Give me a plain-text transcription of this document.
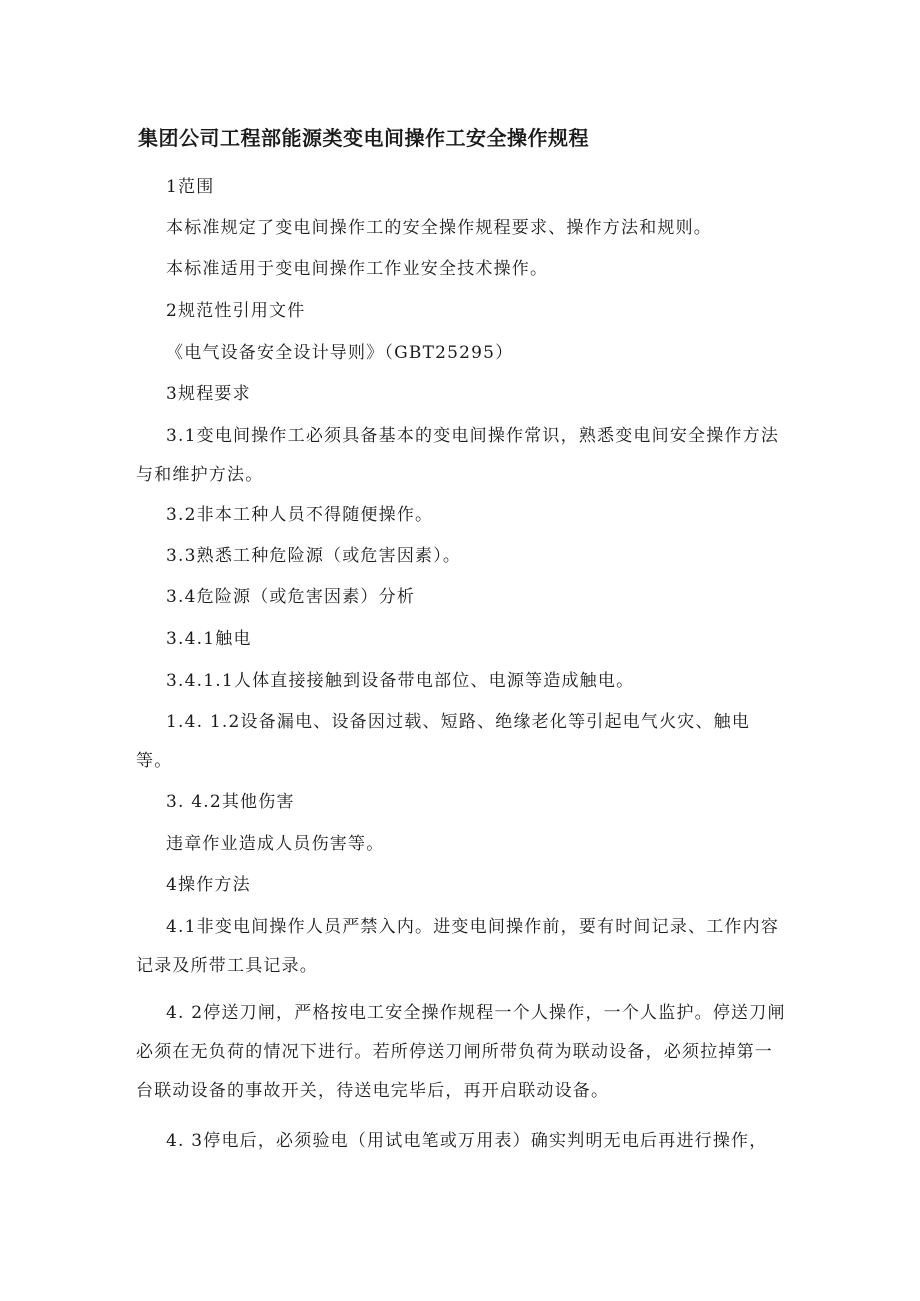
集团公司工程部能源类变电间操作工安全操作规程

1范围

本标准规定了变电间操作工的安全操作规程要求、操作方法和规则。

本标准适用于变电间操作工作业安全技术操作。

2规范性引用文件

《电气设备安全设计导则》（GBT25295）

3规程要求

3.1变电间操作工必须具备基本的变电间操作常识，熟悉变电间安全操作方法与和维护方法。

3.2非本工种人员不得随便操作。

3.3熟悉工种危险源（或危害因素）。

3.4危险源（或危害因素）分析

3.4.1触电

3.4.1.1人体直接接触到设备带电部位、电源等造成触电。

1.4. 1.2设备漏电、设备因过载、短路、绝缘老化等引起电气火灾、触电等。

3. 4.2其他伤害

违章作业造成人员伤害等。

4操作方法

4.1非变电间操作人员严禁入内。进变电间操作前，要有时间记录、工作内容记录及所带工具记录。

4. 2停送刀闸，严格按电工安全操作规程一个人操作，一个人监护。停送刀闸必须在无负荷的情况下进行。若所停送刀闸所带负荷为联动设备，必须拉掉第一台联动设备的事故开关，待送电完毕后，再开启联动设备。

4. 3停电后，必须验电（用试电笔或万用表）确实判明无电后再进行操作，
